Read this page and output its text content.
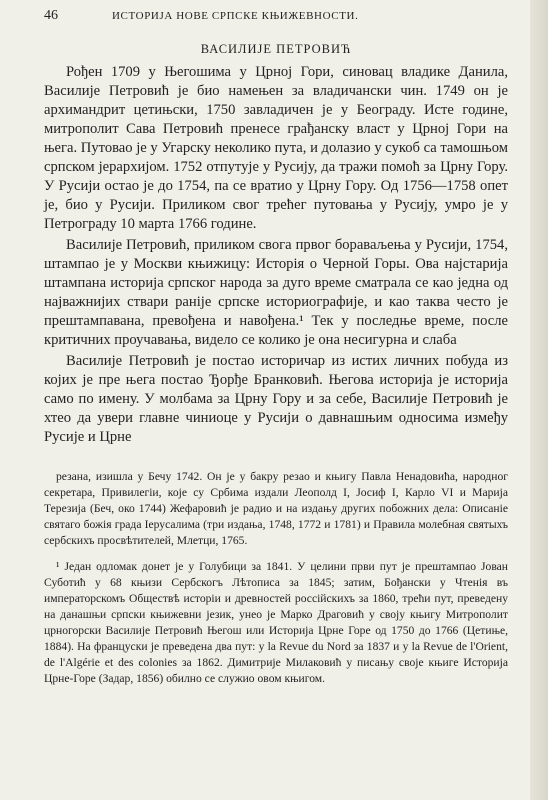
46	ИСТОРИЈА НОВЕ СРПСКЕ КЊИЖЕВНОСТИ.
ВАСИЛИЈЕ ПЕТРОВИЋ

Рођен 1709 у Његошима у Црној Гори, синовац владике Данила, Василије Петровић је био намењен за владичански чин. 1749 он је архимандрит цетињски, 1750 завладичен је у Београду. Исте године, митрополит Сава Петровић пренесе грађанску власт у Црној Гори на њега. Путовао је у Угарску неколико пута, и долазио у сукоб са тамошњом српском јерархијом. 1752 отпутује у Русију, да тражи помоћ за Црну Гору. У Русији остао је до 1754, па се вратио у Црну Гору. Од 1756—1758 опет је, био у Русији. Приликом свог трећег путовања у Русију, умро је у Петрограду 10 марта 1766 године.

Василије Петровић, приликом свога првог бораваљења у Русији, 1754, штампао је у Москви књижицу: Исторія о Черной Горы. Ова најстарија штампана историја српског народа за дуго време сматрала се као једна од најважнијих ствари ранije српске историографије, и као таква често је прештампавана, превођена и навођена.¹ Тек у последње време, после критичних проучавања, видело се колико је она несигурна и слаба

Василије Петровић је постао историчар из истих личних побуда из којих је пре њега постао Ђорђе Бранковић. Његова историја је историја само по имену. У молбама за Црну Гору и за себе, Василије Петровић је хтео да увери главне чиниоце у Русији о давнашњим односима између Русије и Црне

резана, изишла у Бечу 1742. Он је у бакру резао и књигу Павла Ненадовића, народног секретара, Привилегіи, које су Србима издали Леополд I, Јосиф I, Карло VI и Марија Терезија (Беч, око 1744) Жефаровић је радио и на издању других побожних дела: Описаніе святаго божія града Іерусалима (три издања, 1748, 1772 и 1781) и Правила молебная святыхъ сербскихъ просвѣтителей, Млетци, 1765.

¹ Један одломак донет је у Голубици за 1841. У целини први пут је прештампао Јован Суботић у 68 књизи Сербскогъ Лѣтописа за 1845; затим, Бођански у Чтенія въ императорскомъ Обществѣ исторіи и древностей россійскихъ за 1860, трећи пут, преведену на данашњи српски књижевни језик, унео је Марко Драговић у своју књигу Митрополит црногорски Василије Петровић Његош или Историја Црне Горе од 1750 до 1766 (Цетиње, 1884). На француски је преведена два пут: у la Revue du Nord за 1837 и у la Revue de l'Orient, de l'Algérie et des colonies за 1862. Димитрије Милаковић у писању своје књиге Историја Црне-Горе (Задар, 1856) обилно се служио овом књигом.
